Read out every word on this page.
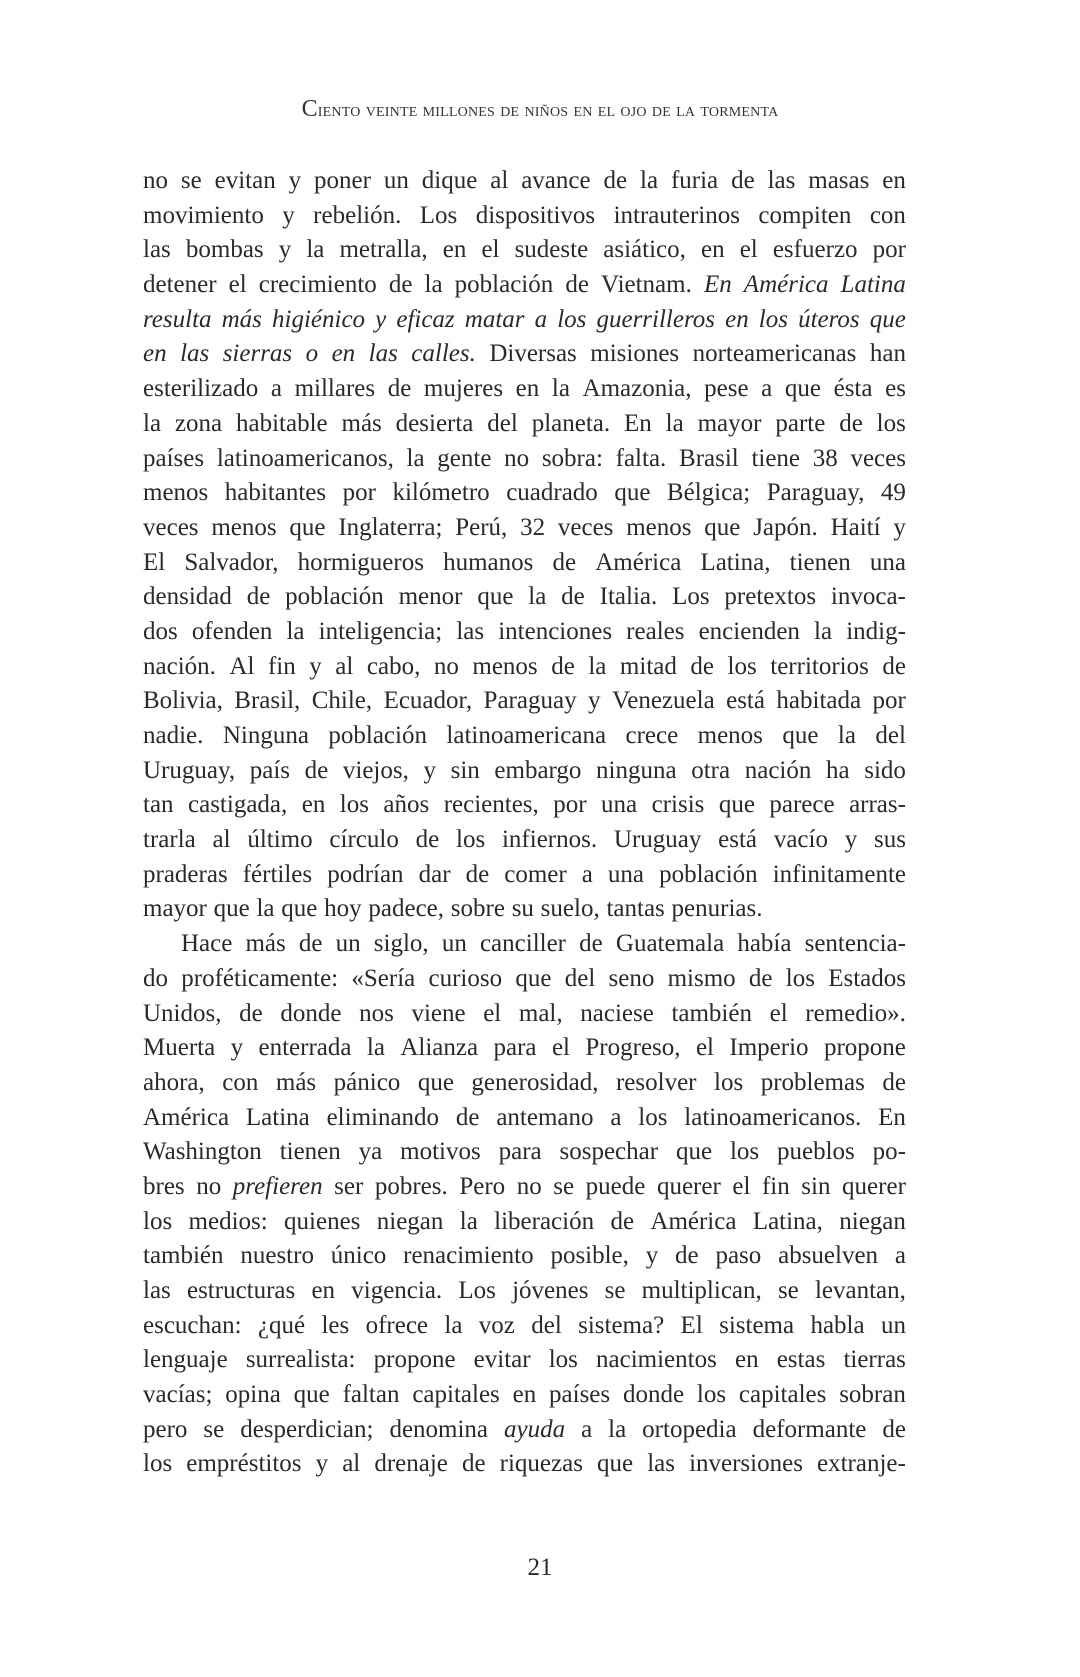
Ciento veinte millones de niños en el ojo de la tormenta
no se evitan y poner un dique al avance de la furia de las masas en
movimiento y rebelión. Los dispositivos intrauterinos compiten con
las bombas y la metralla, en el sudeste asiático, en el esfuerzo por
detener el crecimiento de la población de Vietnam. En América Latina
resulta más higiénico y eficaz matar a los guerrilleros en los úteros que
en las sierras o en las calles. Diversas misiones norteamericanas han
esterilizado a millares de mujeres en la Amazonia, pese a que ésta es
la zona habitable más desierta del planeta. En la mayor parte de los
países latinoamericanos, la gente no sobra: falta. Brasil tiene 38 veces
menos habitantes por kilómetro cuadrado que Bélgica; Paraguay, 49
veces menos que Inglaterra; Perú, 32 veces menos que Japón. Haití y
El Salvador, hormigueros humanos de América Latina, tienen una
densidad de población menor que la de Italia. Los pretextos invoca-
dos ofenden la inteligencia; las intenciones reales encienden la indig-
nación. Al fin y al cabo, no menos de la mitad de los territorios de
Bolivia, Brasil, Chile, Ecuador, Paraguay y Venezuela está habitada por
nadie. Ninguna población latinoamericana crece menos que la del
Uruguay, país de viejos, y sin embargo ninguna otra nación ha sido
tan castigada, en los años recientes, por una crisis que parece arras-
trarla al último círculo de los infiernos. Uruguay está vacío y sus
praderas fértiles podrían dar de comer a una población infinitamente
mayor que la que hoy padece, sobre su suelo, tantas penurias.
Hace más de un siglo, un canciller de Guatemala había sentencia-
do proféticamente: «Sería curioso que del seno mismo de los Estados
Unidos, de donde nos viene el mal, naciese también el remedio».
Muerta y enterrada la Alianza para el Progreso, el Imperio propone
ahora, con más pánico que generosidad, resolver los problemas de
América Latina eliminando de antemano a los latinoamericanos. En
Washington tienen ya motivos para sospechar que los pueblos po-
bres no prefieren ser pobres. Pero no se puede querer el fin sin querer
los medios: quienes niegan la liberación de América Latina, niegan
también nuestro único renacimiento posible, y de paso absuelven a
las estructuras en vigencia. Los jóvenes se multiplican, se levantan,
escuchan: ¿qué les ofrece la voz del sistema? El sistema habla un
lenguaje surrealista: propone evitar los nacimientos en estas tierras
vacías; opina que faltan capitales en países donde los capitales sobran
pero se desperdician; denomina ayuda a la ortopedia deformante de
los empréstitos y al drenaje de riquezas que las inversiones extranje-
21
